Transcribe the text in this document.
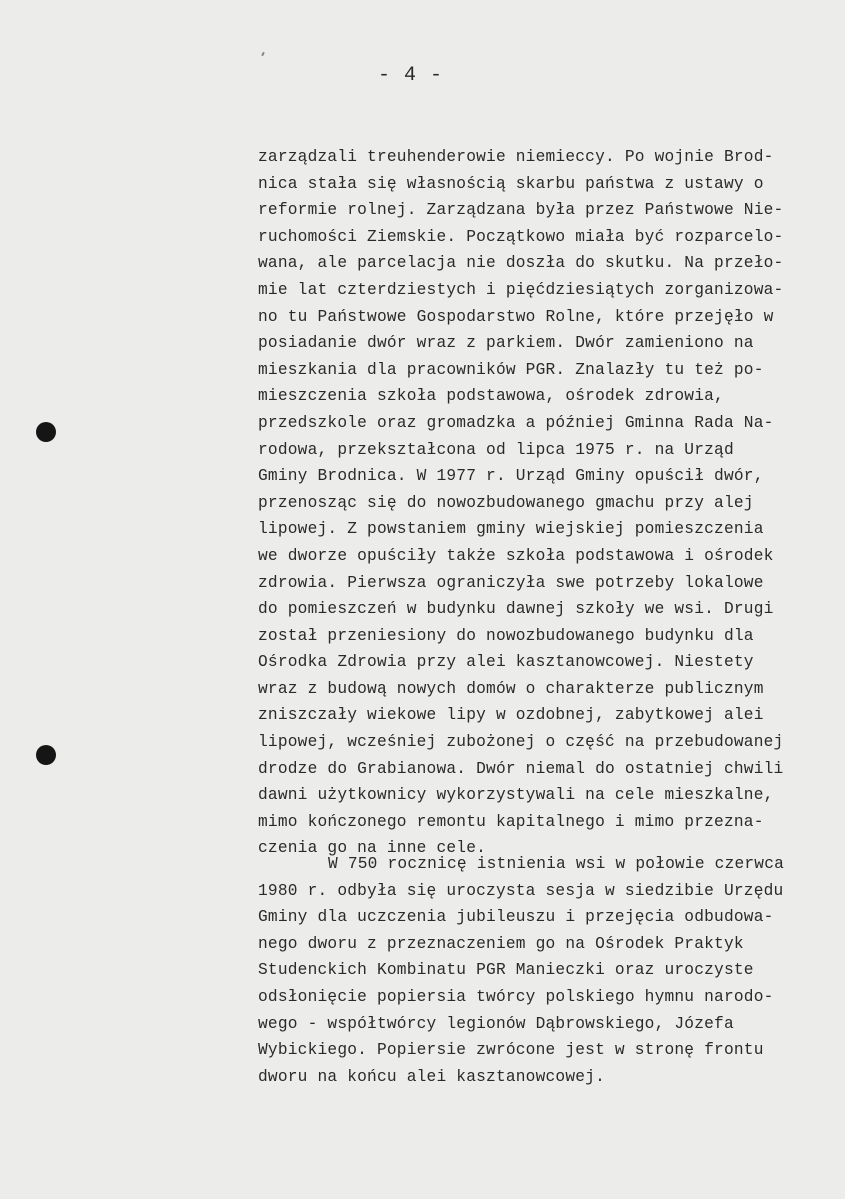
- 4 -
zarządzali treuhenderowie niemieccy. Po wojnie Brod-
nica stała się własnością skarbu państwa z ustawy o
reformie rolnej. Zarządzana była przez Państwowe Nie-
ruchomości Ziemskie. Początkowo miała być rozparcelo-
wana, ale parcelacja nie doszła do skutku. Na przeło-
mie lat czterdziestych i pięćdziesiątych zorganizowa-
no tu Państwowe Gospodarstwo Rolne, które przejęło w
posiadanie dwór wraz z parkiem. Dwór zamieniono na
mieszkania dla pracowników PGR. Znalazły tu też po-
mieszczenia szkoła podstawowa, ośrodek zdrowia,
przedszkole oraz gromadzka a później Gminna Rada Na-
rodowa, przekształcona od lipca 1975 r. na Urząd
Gminy Brodnica. W 1977 r. Urząd Gminy opuścił dwór,
przenosząc się do nowozbudowanego gmachu przy alej
lipowej. Z powstaniem gminy wiejskiej pomieszczenia
we dworze opuściły także szkoła podstawowa i ośrodek
zdrowia. Pierwsza ograniczyła swe potrzeby lokalowe
do pomieszczeń w budynku dawnej szkoły we wsi. Drugi
został przeniesiony do nowozbudowanego budynku dla
Ośrodka Zdrowia przy alei kasztanowcowej. Niestety
wraz z budową nowych domów o charakterze publicznym
zniszczały wiekowe lipy w ozdobnej, zabytkowej alei
lipowej, wcześniej zubożonej o część na przebudowanej
drodze do Grabianowa. Dwór niemal do ostatniej chwili
dawni użytkownicy wykorzystywali na cele mieszkalne,
mimo kończonego remontu kapitalnego i mimo przezna-
czenia go na inne cele.
W 750 rocznicę istnienia wsi w połowie czerwca
1980 r. odbyła się uroczysta sesja w siedzibie Urzędu
Gminy dla uczczenia jubileuszu i przejęcia odbudowa-
nego dworu z przeznaczeniem go na Ośrodek Praktyk
Studenckich Kombinatu PGR Manieczki oraz uroczyste
odsłonięcie popiersia twórcy polskiego hymnu narodo-
wego - współtwórcy legionów Dąbrowskiego, Józefa
Wybickiego. Popiersie zwrócone jest w stronę frontu
dworu na końcu alei kasztanowcowej.
